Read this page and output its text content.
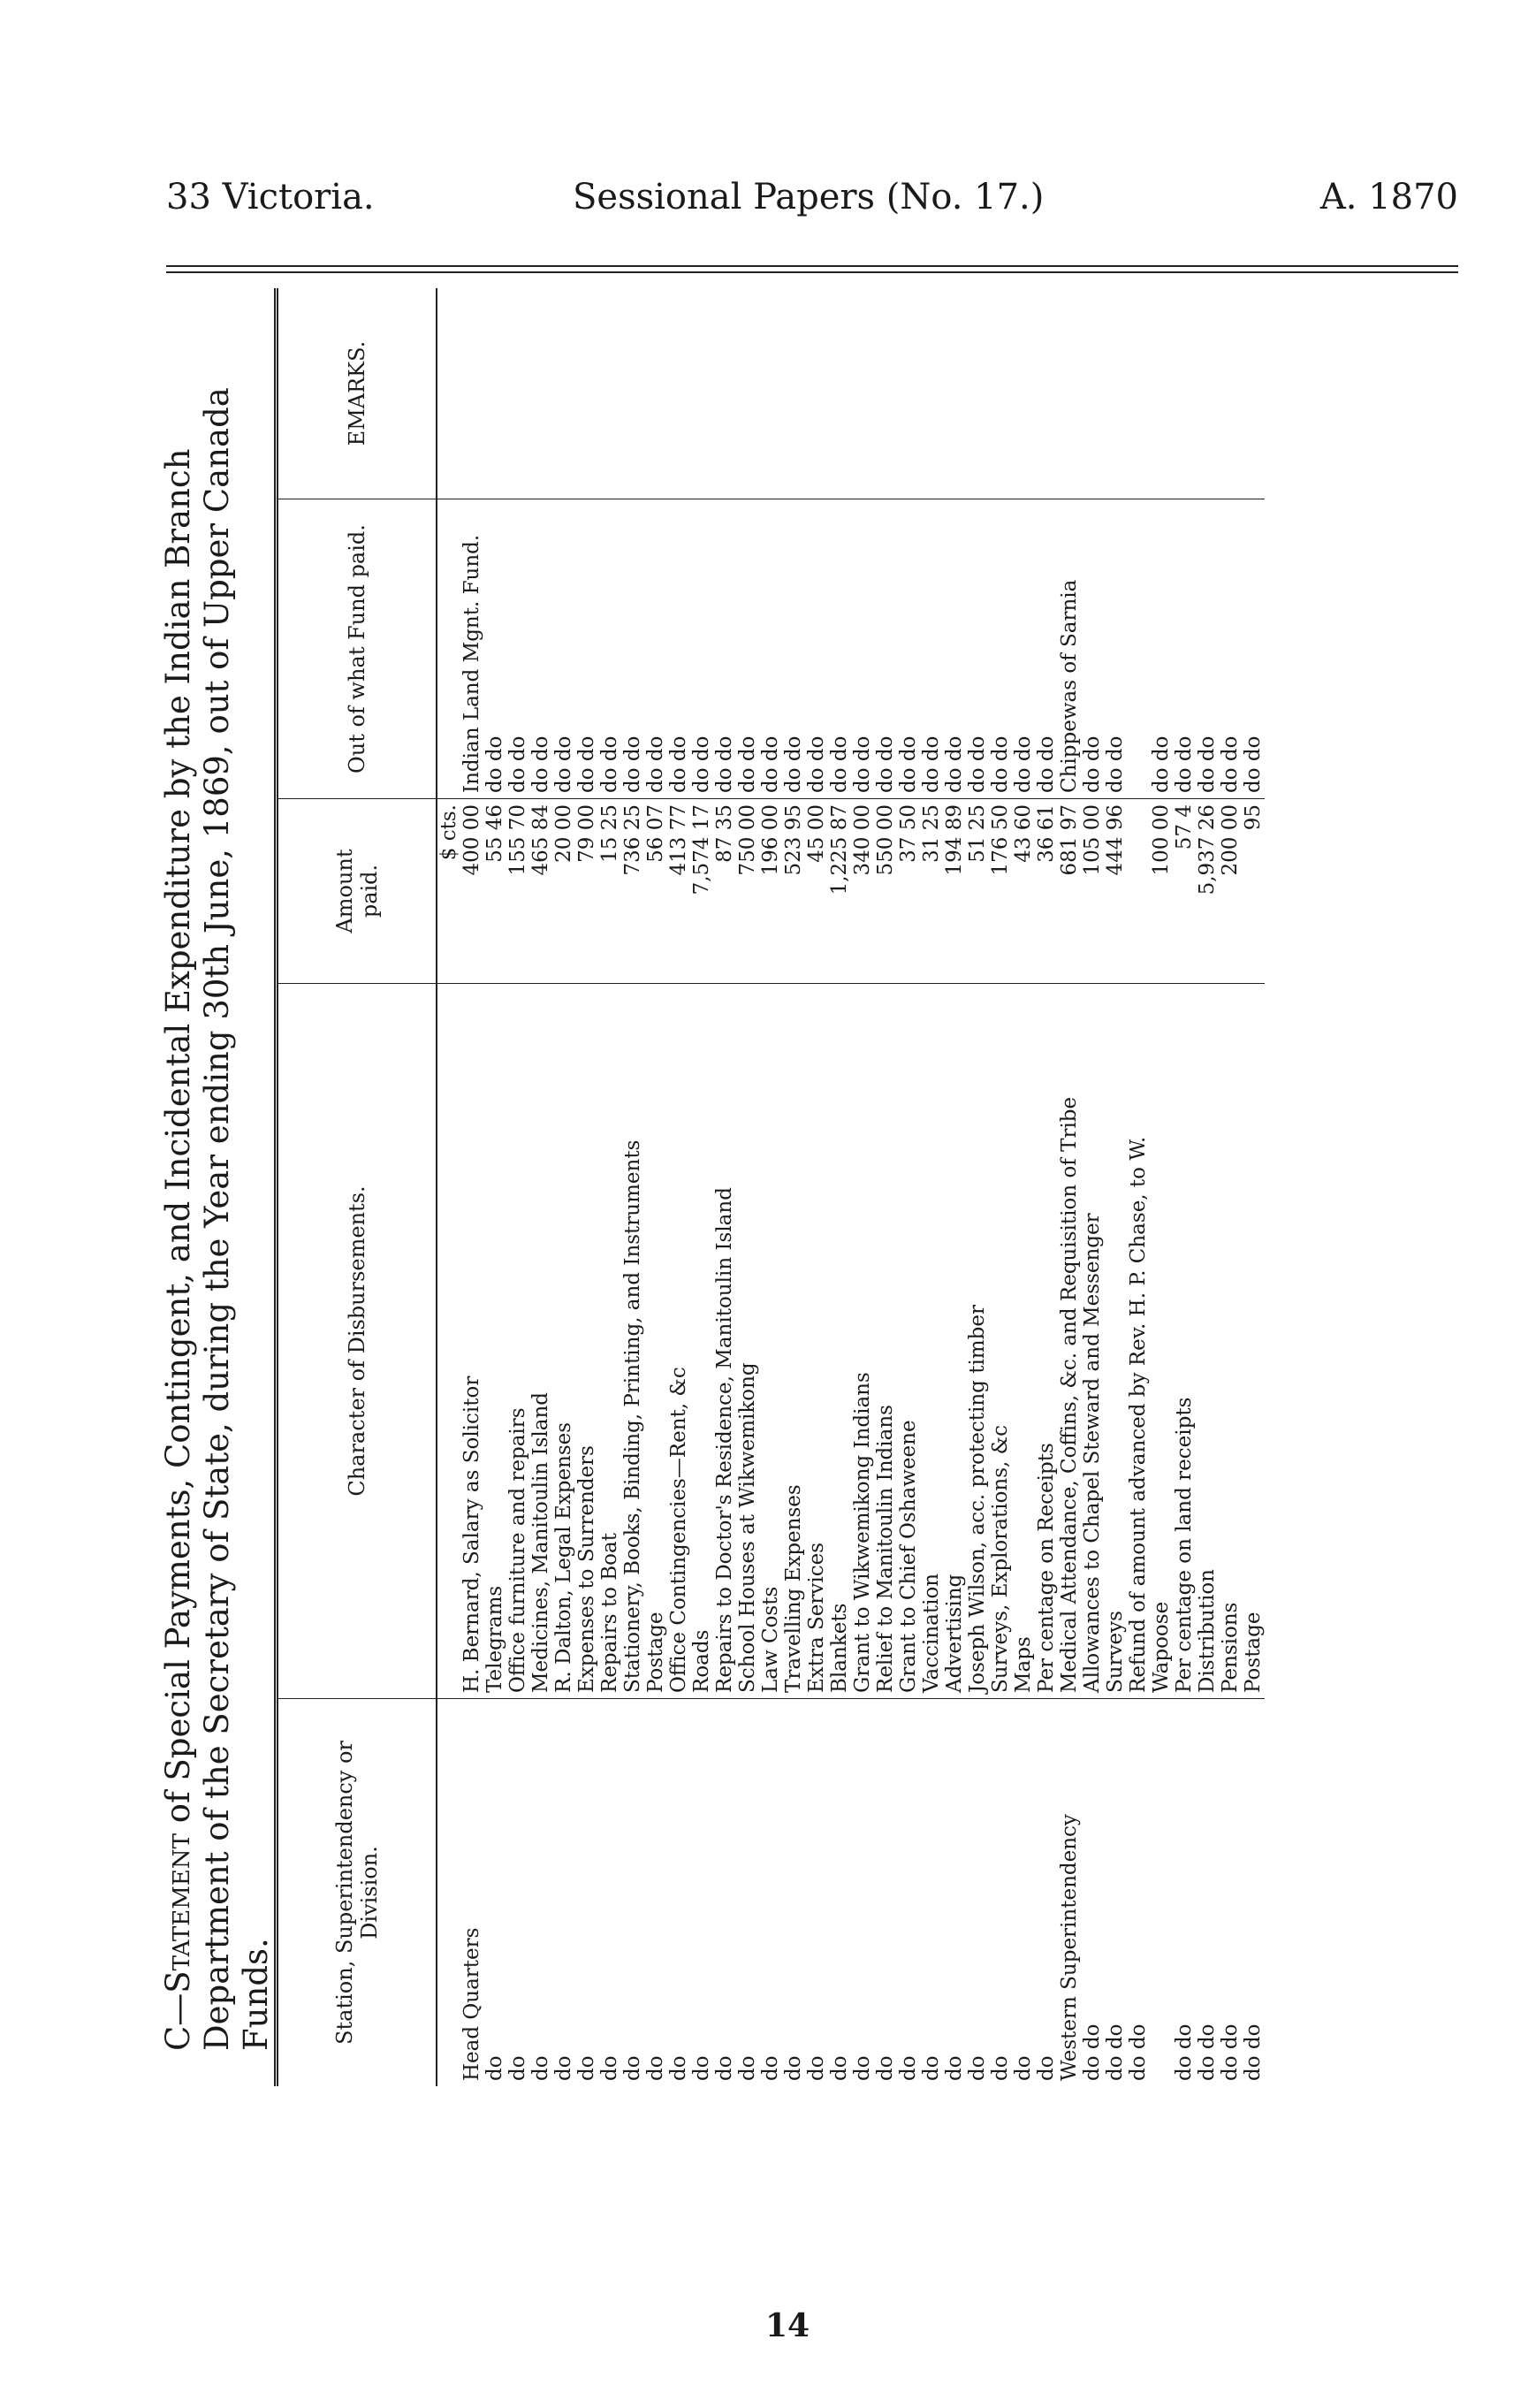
33 Victoria.	Sessional Papers (No. 17.)	A. 1870
C—Statement of Special Payments, Contingent, and Incidental Expenditure by the Indian Branch Department of the Secretary of State, during the Year ending 30th June, 1869, out of Upper Canada Funds.	Station, Superintendency or Division.	Character of Disbursements.	Amount paid.	Out of what Fund paid.	EMARKS.
		$ cts.		
Head Quarters	H. Bernard, Salary as Solicitor	400 00	Indian Land Mgnt. Fund.	
do	Telegrams	55 46	do do	
do	Office furniture and repairs	155 70	do do	
do	Medicines, Manitoulin Island	465 84	do do	
do	R. Dalton, Legal Expenses	20 00	do do	
do	Expenses to Surrenders	79 00	do do	
do	Repairs to Boat	15 25	do do	
do	Stationery, Books, Binding, Printing, and Instruments	736 25	do do	
do	Postage	56 07	do do	
do	Office Contingencies—Rent, &c	413 77	do do	
do	Roads	7,574 17	do do	
do	Repairs to Doctor's Residence, Manitoulin Island	87 35	do do	
do	School Houses at Wikwemikong	750 00	do do	
do	Law Costs	196 00	do do	
do	Travelling Expenses	523 95	do do	
do	Extra Services	45 00	do do	
do	Blankets	1,225 87	do do	
do	Grant to Wikwemikong Indians	340 00	do do	
do	Relief to Manitoulin Indians	550 00	do do	
do	Grant to Chief Oshaweene	37 50	do do	
do	Vaccination	31 25	do do	
do	Advertising	194 89	do do	
do	Joseph Wilson, acc. protecting timber	51 25	do do	
do	Surveys, Explorations, &c	176 50	do do	
do	Maps	43 60	do do	
do	Per centage on Receipts	36 61	do do	
Western Superintendency	Medical Attendance, Coffins, &c. and Requisition of Tribe	681 97	Chippewas of Sarnia	
do do	Allowances to Chapel Steward and Messenger	105 00	do do	
do do	Surveys	444 96	do do	
do do	Refund of amount advanced by Rev. H. P. Chase, to W.			
	Wapoose	100 00	do do	
do do	Per centage on land receipts	57 4	do do	
do do	Distribution	5,937 26	do do	
do do	Pensions	200 00	do do	
do do	Postage	95	do do	
14
